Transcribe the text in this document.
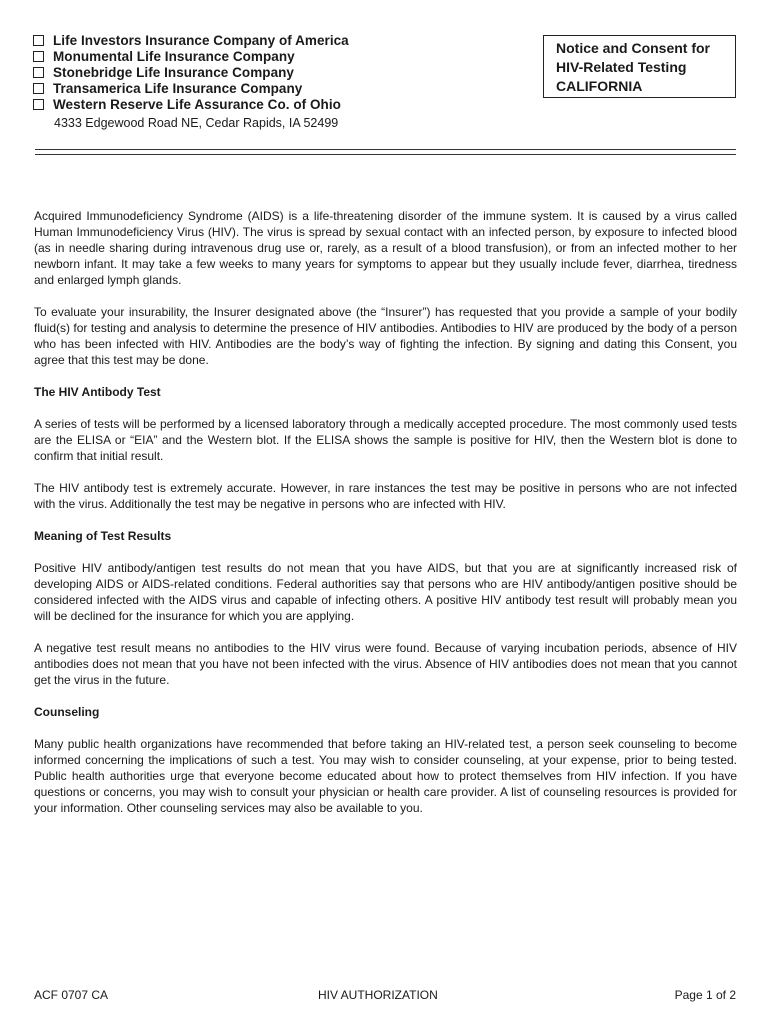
Life Investors Insurance Company of America
Monumental Life Insurance Company
Stonebridge Life Insurance Company
Transamerica Life Insurance Company
Western Reserve Life Assurance Co. of Ohio
4333 Edgewood Road NE, Cedar Rapids, IA 52499
Notice and Consent for
HIV-Related Testing
CALIFORNIA

Acquired Immunodeficiency Syndrome (AIDS) is a life-threatening disorder of the immune system. It is caused by a virus called Human Immunodeficiency Virus (HIV). The virus is spread by sexual contact with an infected person, by exposure to infected blood (as in needle sharing during intravenous drug use or, rarely, as a result of a blood transfusion), or from an infected mother to her newborn infant. It may take a few weeks to many years for symptoms to appear but they usually include fever, diarrhea, tiredness and enlarged lymph glands.

To evaluate your insurability, the Insurer designated above (the “Insurer”) has requested that you provide a sample of your bodily fluid(s) for testing and analysis to determine the presence of HIV antibodies. Antibodies to HIV are produced by the body of a person who has been infected with HIV. Antibodies are the body’s way of fighting the infection. By signing and dating this Consent, you agree that this test may be done.

The HIV Antibody Test

A series of tests will be performed by a licensed laboratory through a medically accepted procedure. The most commonly used tests are the ELISA or “EIA” and the Western blot. If the ELISA shows the sample is positive for HIV, then the Western blot is done to confirm that initial result.

The HIV antibody test is extremely accurate. However, in rare instances the test may be positive in persons who are not infected with the virus. Additionally the test may be negative in persons who are infected with HIV.

Meaning of Test Results

Positive HIV antibody/antigen test results do not mean that you have AIDS, but that you are at significantly increased risk of developing AIDS or AIDS-related conditions. Federal authorities say that persons who are HIV antibody/antigen positive should be considered infected with the AIDS virus and capable of infecting others. A positive HIV antibody test result will probably mean you will be declined for the insurance for which you are applying.

A negative test result means no antibodies to the HIV virus were found. Because of varying incubation periods, absence of HIV antibodies does not mean that you have not been infected with the virus. Absence of HIV antibodies does not mean that you cannot get the virus in the future.

Counseling

Many public health organizations have recommended that before taking an HIV-related test, a person seek counseling to become informed concerning the implications of such a test. You may wish to consider counseling, at your expense, prior to being tested. Public health authorities urge that everyone become educated about how to protect themselves from HIV infection. If you have questions or concerns, you may wish to consult your physician or health care provider. A list of counseling resources is provided for your information. Other counseling services may also be available to you.

ACF 0707 CA	HIV AUTHORIZATION	Page 1 of 2
